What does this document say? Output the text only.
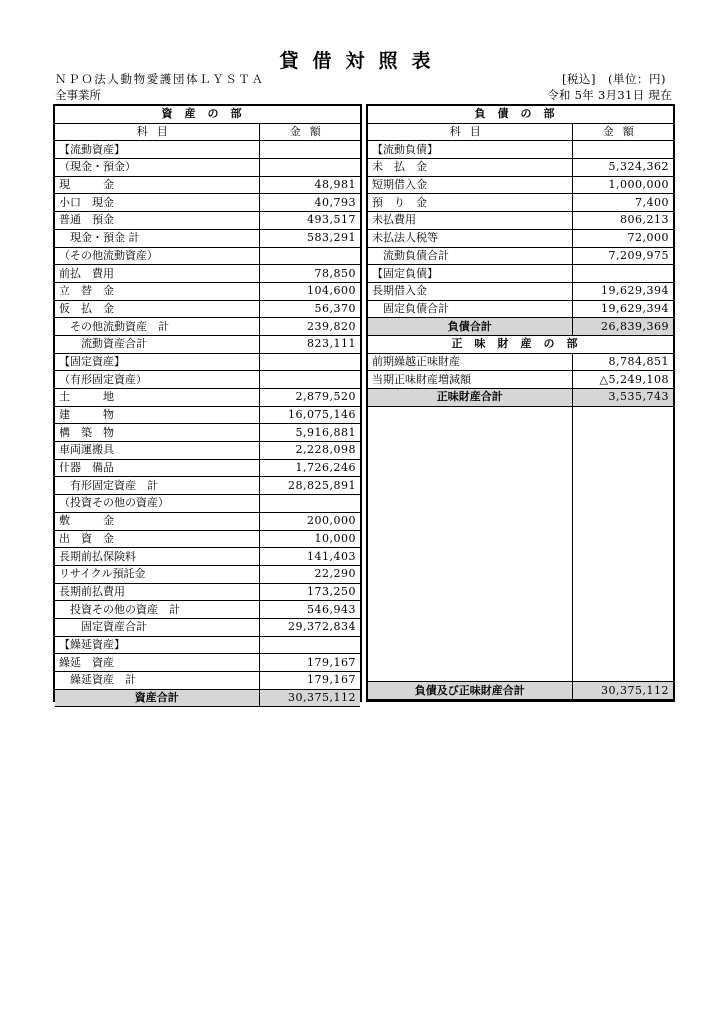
貸借対照表
ＮＰＯ法人動物愛護団体ＬＹＳＴＡ
全事業所
[税込]　(単位：円)
令和 5年 3月31日 現在
資産の部	
科目	金額
【流動資産】	
（現金・預金）	
現　　　金	48,981
小口　現金	40,793
普通　預金	493,517
　現金・預金 計	583,291
（その他流動資産）	
前払　費用	78,850
立　替　金	104,600
仮　払　金	56,370
　その他流動資産　計	239,820
　　流動資産合計	823,111
【固定資産】	
（有形固定資産）	
土　　　地	2,879,520
建　　　物	16,075,146
構　築　物	5,916,881
車両運搬具	2,228,098
什器　備品	1,726,246
　有形固定資産　計	28,825,891
（投資その他の資産）	
敷　　　金	200,000
出　資　金	10,000
長期前払保険料	141,403
リサイクル預託金	22,290
長期前払費用	173,250
　投資その他の資産　計	546,943
　　固定資産合計	29,372,834
【繰延資産】	
繰延　資産	179,167
　繰延資産　計	179,167
資産合計	30,375,112
負債の部	
科目	金額
【流動負債】	
未　払　金	5,324,362
短期借入金	1,000,000
預　り　金	7,400
未払費用	806,213
未払法人税等	72,000
　流動負債合計	7,209,975
【固定負債】	
長期借入金	19,629,394
　固定負債合計	19,629,394
負債合計	26,839,369
正味財産の部	
前期繰越正味財産	8,784,851
当期正味財産増減額	△5,249,108
正味財産合計	3,535,743
負債及び正味財産合計	30,375,112
